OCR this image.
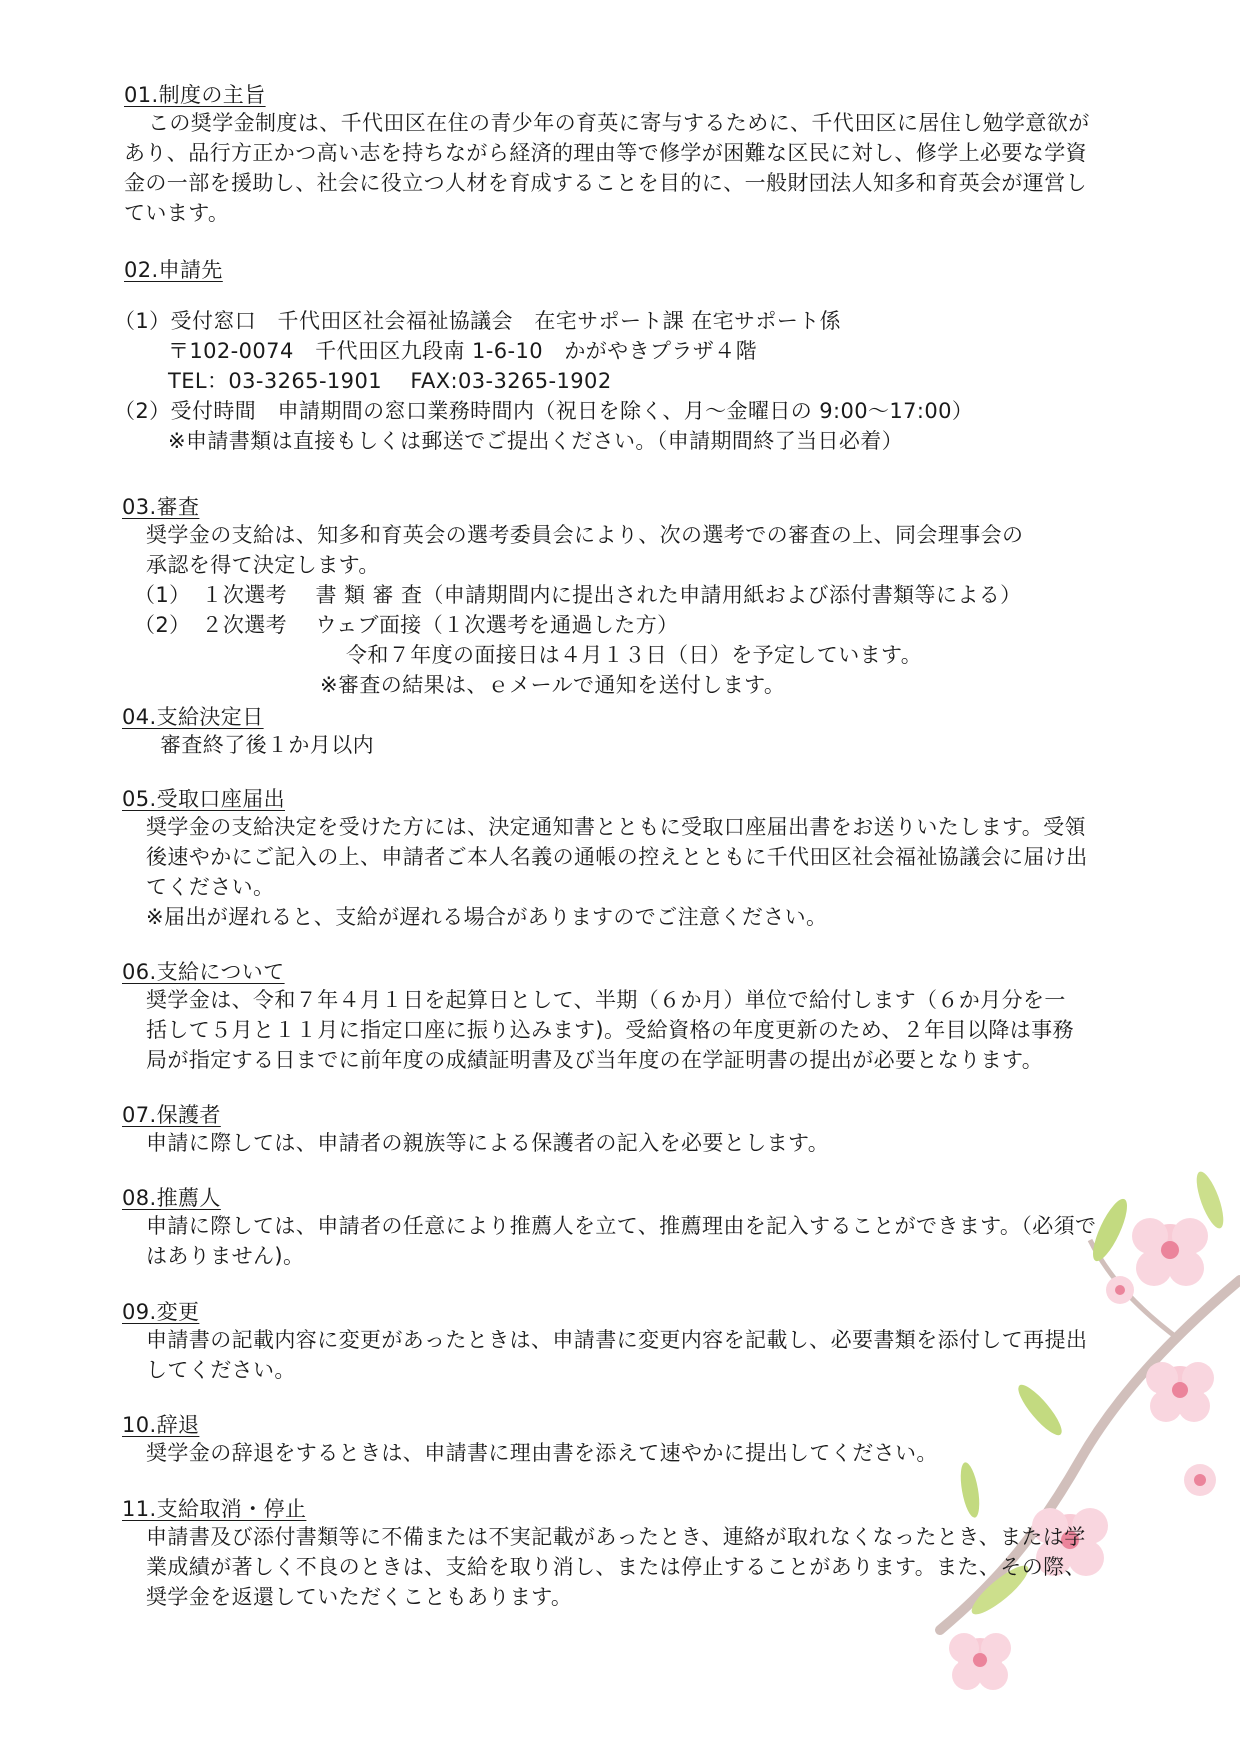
01.制度の主旨
この奨学金制度は、千代田区在住の青少年の育英に寄与するために、千代田区に居住し勉学意欲が
あり、品行方正かつ高い志を持ちながら経済的理由等で修学が困難な区民に対し、修学上必要な学資
金の一部を援助し、社会に役立つ人材を育成することを目的に、一般財団法人知多和育英会が運営し
ています。
02.申請先
（1）受付窓口　千代田区社会福祉協議会　在宅サポート課 在宅サポート係
〒102-0074　千代田区九段南 1-6-10　かがやきプラザ４階
TEL：03-3265-1901　 FAX:03-3265-1902
（2）受付時間　申請期間の窓口業務時間内（祝日を除く、月～金曜日の 9:00～17:00）
※申請書類は直接もしくは郵送でご提出ください。（申請期間終了当日必着）
03.審査
奨学金の支給は、知多和育英会の選考委員会により、次の選考での審査の上、同会理事会の
承認を得て決定します。
（1）　１次選考　 書 類 審 査（申請期間内に提出された申請用紙および添付書類等による）
（2）　２次選考　 ウェブ面接（１次選考を通過した方）
令和７年度の面接日は４月１３日（日）を予定しています。
※審査の結果は、ｅメールで通知を送付します。
04.支給決定日
審査終了後１か月以内
05.受取口座届出
奨学金の支給決定を受けた方には、決定通知書とともに受取口座届出書をお送りいたします。受領
後速やかにご記入の上、申請者ご本人名義の通帳の控えとともに千代田区社会福祉協議会に届け出
てください。
※届出が遅れると、支給が遅れる場合がありますのでご注意ください。
06.支給について
奨学金は、令和７年４月１日を起算日として、半期（６か月）単位で給付します（６か月分を一
括して５月と１１月に指定口座に振り込みます)。受給資格の年度更新のため、２年目以降は事務
局が指定する日までに前年度の成績証明書及び当年度の在学証明書の提出が必要となります。
07.保護者
申請に際しては、申請者の親族等による保護者の記入を必要とします。
08.推薦人
申請に際しては、申請者の任意により推薦人を立て、推薦理由を記入することができます。（必須で
はありません)。
09.変更
申請書の記載内容に変更があったときは、申請書に変更内容を記載し、必要書類を添付して再提出
してください。
10.辞退
奨学金の辞退をするときは、申請書に理由書を添えて速やかに提出してください。
11.支給取消・停止
申請書及び添付書類等に不備または不実記載があったとき、連絡が取れなくなったとき、または学
業成績が著しく不良のときは、支給を取り消し、または停止することがあります。また、その際、
奨学金を返還していただくこともあります。
